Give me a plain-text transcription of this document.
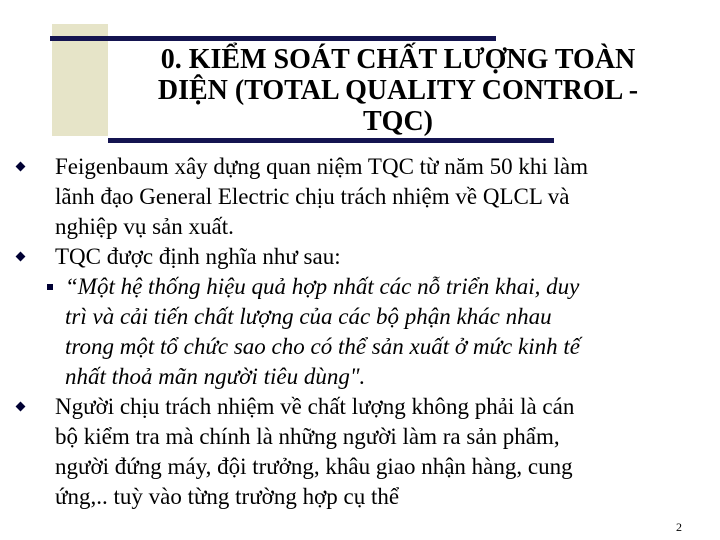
0. KIỂM SOÁT CHẤT LƯỢNG TOÀN
DIỆN (TOTAL QUALITY CONTROL -
TQC)
Feigenbaum xây dựng quan niệm TQC từ năm 50 khi làm
lãnh đạo General Electric chịu trách nhiệm về QLCL và
nghiệp vụ sản xuất.
TQC được định nghĩa như sau:
“Một hệ thống hiệu quả hợp nhất các nỗ triển khai, duy
trì và cải tiến chất lượng của các bộ phận khác nhau
trong một tổ chức sao cho có thể sản xuất ở mức kinh tế
nhất thoả mãn người tiêu dùng".
Người chịu trách nhiệm về chất lượng không phải là cán
bộ kiểm tra mà chính là những người làm ra sản phẩm,
người đứng máy, đội trưởng, khâu giao nhận hàng, cung
ứng,.. tuỳ vào từng trường hợp cụ thể
2
